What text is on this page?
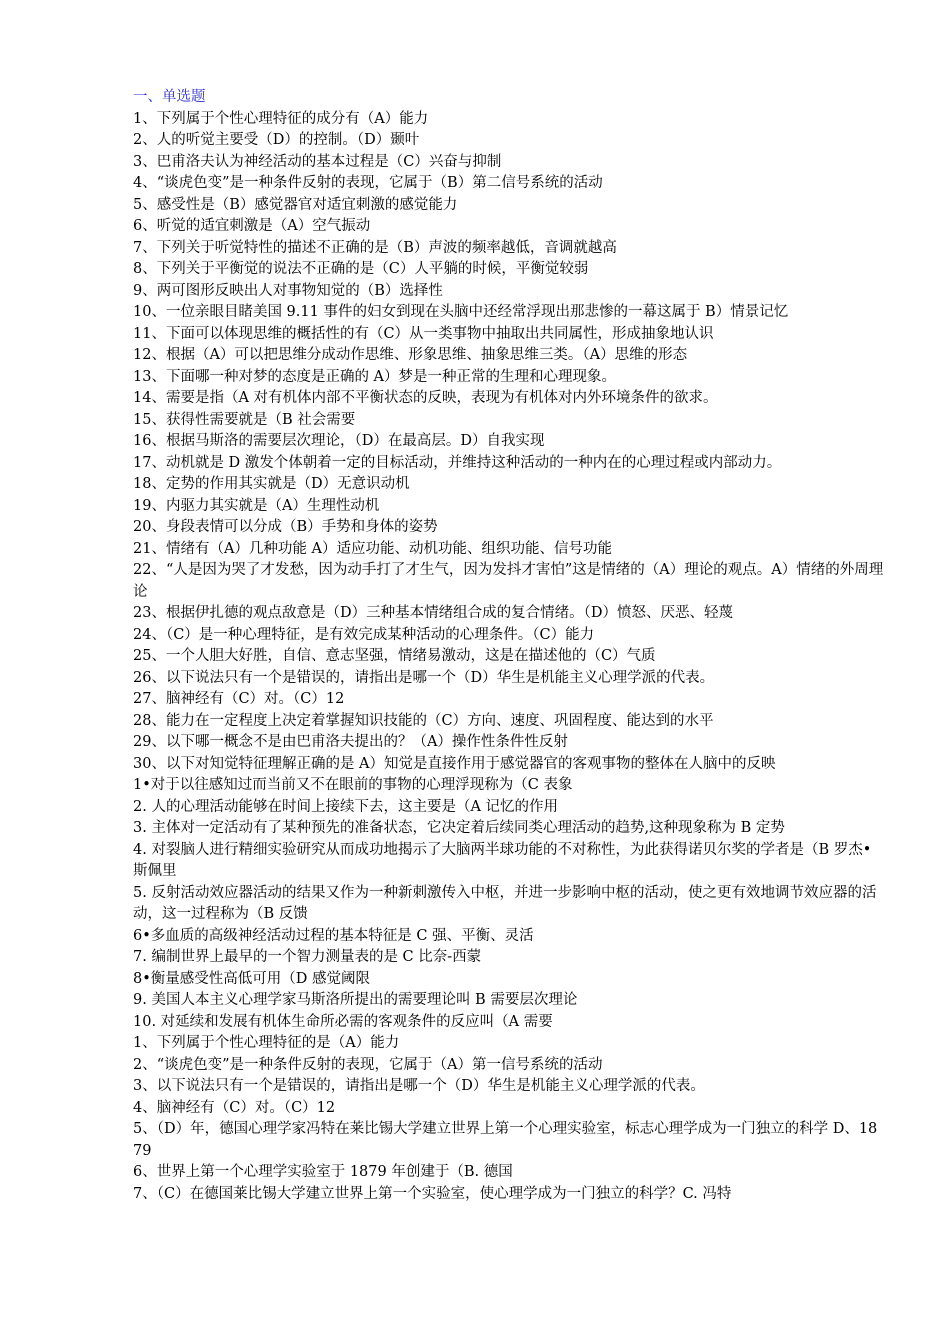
一、单选题
1、下列属于个性心理特征的成分有（A）能力
2、人的听觉主要受（D）的控制。（D）颞叶
3、巴甫洛夫认为神经活动的基本过程是（C）兴奋与抑制
4、“谈虎色变”是一种条件反射的表现，它属于（B）第二信号系统的活动
5、感受性是（B）感觉器官对适宜刺激的感觉能力
6、听觉的适宜刺激是（A）空气振动
7、下列关于听觉特性的描述不正确的是（B）声波的频率越低，音调就越高
8、下列关于平衡觉的说法不正确的是（C）人平躺的时候，平衡觉较弱
9、两可图形反映出人对事物知觉的（B）选择性
10、一位亲眼目睹美国 9.11 事件的妇女到现在头脑中还经常浮现出那悲惨的一幕这属于 B）情景记忆
11、下面可以体现思维的概括性的有（C）从一类事物中抽取出共同属性，形成抽象地认识
12、根据（A）可以把思维分成动作思维、形象思维、抽象思维三类。（A）思维的形态
13、下面哪一种对梦的态度是正确的 A）梦是一种正常的生理和心理现象。
14、需要是指（A 对有机体内部不平衡状态的反映，表现为有机体对内外环境条件的欲求。
15、获得性需要就是（B 社会需要
16、根据马斯洛的需要层次理论，（D）在最高层。D）自我实现
17、动机就是 D 激发个体朝着一定的目标活动，并维持这种活动的一种内在的心理过程或内部动力。
18、定势的作用其实就是（D）无意识动机
19、内驱力其实就是（A）生理性动机
20、身段表情可以分成（B）手势和身体的姿势
21、情绪有（A）几种功能 A）适应功能、动机功能、组织功能、信号功能
22、“人是因为哭了才发愁，因为动手打了才生气，因为发抖才害怕”这是情绪的（A）理论的观点。A）情绪的外周理论
23、根据伊扎德的观点敌意是（D）三种基本情绪组合成的复合情绪。（D）愤怒、厌恶、轻蔑
24、（C）是一种心理特征，是有效完成某种活动的心理条件。（C）能力
25、一个人胆大好胜，自信、意志坚强，情绪易激动，这是在描述他的（C）气质
26、以下说法只有一个是错误的，请指出是哪一个（D）华生是机能主义心理学派的代表。
27、脑神经有（C）对。（C）12
28、能力在一定程度上决定着掌握知识技能的（C）方向、速度、巩固程度、能达到的水平
29、以下哪一概念不是由巴甫洛夫提出的？（A）操作性条件性反射
30、以下对知觉特征理解正确的是 A）知觉是直接作用于感觉器官的客观事物的整体在人脑中的反映
1•对于以往感知过而当前又不在眼前的事物的心理浮现称为（C 表象
2. 人的心理活动能够在时间上接续下去，这主要是（A 记忆的作用
3. 主体对一定活动有了某种预先的准备状态，它决定着后续同类心理活动的趋势,这种现象称为 B 定势
4. 对裂脑人进行精细实验研究从而成功地揭示了大脑两半球功能的不对称性，为此获得诺贝尔奖的学者是（B 罗杰•斯佩里
5. 反射活动效应器活动的结果又作为一种新刺激传入中枢，并进一步影响中枢的活动，使之更有效地调节效应器的活动，这一过程称为（B 反馈
6•多血质的高级神经活动过程的基本特征是 C 强、平衡、灵活
7. 编制世界上最早的一个智力测量表的是 C 比奈-西蒙
8•衡量感受性高低可用（D 感觉阈限
9. 美国人本主义心理学家马斯洛所提出的需要理论叫 B 需要层次理论
10. 对延续和发展有机体生命所必需的客观条件的反应叫（A 需要
1、下列属于个性心理特征的是（A）能力
2、“谈虎色变”是一种条件反射的表现，它属于（A）第一信号系统的活动
3、以下说法只有一个是错误的，请指出是哪一个（D）华生是机能主义心理学派的代表。
4、脑神经有（C）对。（C）12
5、（D）年，德国心理学家冯特在莱比锡大学建立世界上第一个心理实验室，标志心理学成为一门独立的科学 D、1879
6、世界上第一个心理学实验室于 1879 年创建于（B. 德国
7、（C）在德国莱比锡大学建立世界上第一个实验室，使心理学成为一门独立的科学？C. 冯特
